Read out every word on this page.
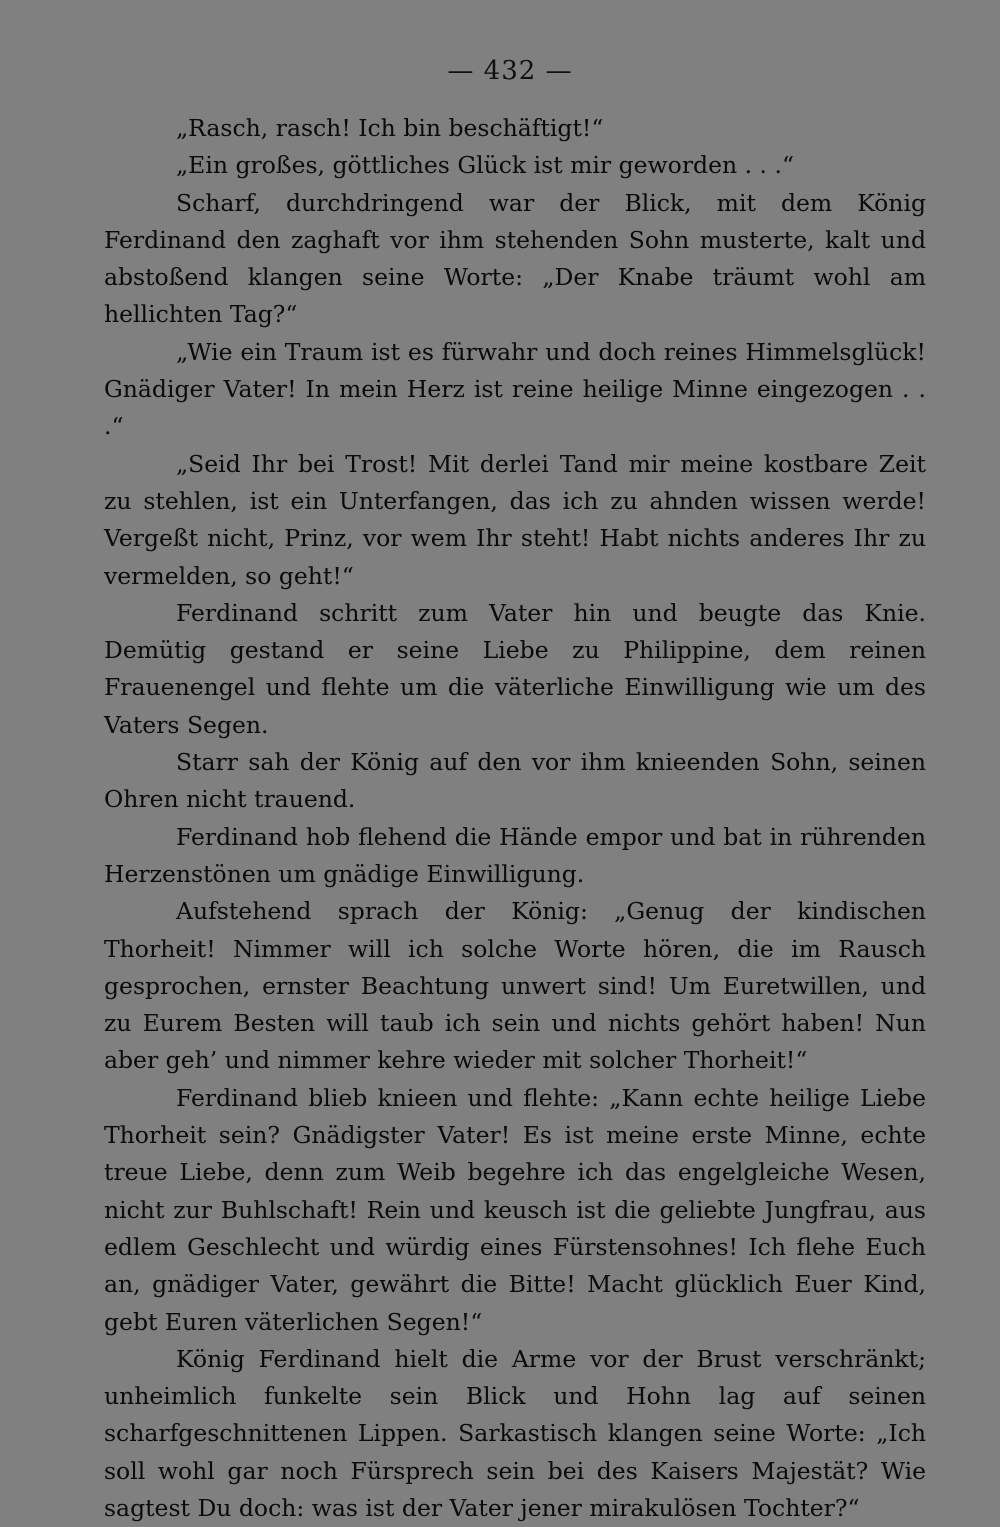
— 432 —

„Rasch, rasch! Ich bin beschäftigt!“

„Ein großes, göttliches Glück ist mir geworden . . .“

Scharf, durchdringend war der Blick, mit dem König Ferdinand den zaghaft vor ihm stehenden Sohn musterte, kalt und abstoßend klangen seine Worte: „Der Knabe träumt wohl am hellichten Tag?“

„Wie ein Traum ist es fürwahr und doch reines Himmelsglück! Gnädiger Vater! In mein Herz ist reine heilige Minne eingezogen . . .“

„Seid Ihr bei Trost! Mit derlei Tand mir meine kostbare Zeit zu stehlen, ist ein Unterfangen, das ich zu ahnden wissen werde! Vergeßt nicht, Prinz, vor wem Ihr steht! Habt nichts anderes Ihr zu vermelden, so geht!“

Ferdinand schritt zum Vater hin und beugte das Knie. Demütig gestand er seine Liebe zu Philippine, dem reinen Frauenengel und flehte um die väterliche Einwilligung wie um des Vaters Segen.

Starr sah der König auf den vor ihm knieenden Sohn, seinen Ohren nicht trauend.

Ferdinand hob flehend die Hände empor und bat in rührenden Herzenstönen um gnädige Einwilligung.

Aufstehend sprach der König: „Genug der kindischen Thorheit! Nimmer will ich solche Worte hören, die im Rausch gesprochen, ernster Beachtung unwert sind! Um Euretwillen, und zu Eurem Besten will taub ich sein und nichts gehört haben! Nun aber geh’ und nimmer kehre wieder mit solcher Thorheit!“

Ferdinand blieb knieen und flehte: „Kann echte heilige Liebe Thorheit sein? Gnädigster Vater! Es ist meine erste Minne, echte treue Liebe, denn zum Weib begehre ich das engelgleiche Wesen, nicht zur Buhlschaft! Rein und keusch ist die geliebte Jungfrau, aus edlem Geschlecht und würdig eines Fürstensohnes! Ich flehe Euch an, gnädiger Vater, gewährt die Bitte! Macht glücklich Euer Kind, gebt Euren väterlichen Segen!“

König Ferdinand hielt die Arme vor der Brust verschränkt; unheimlich funkelte sein Blick und Hohn lag auf seinen scharfgeschnittenen Lippen. Sarkastisch klangen seine Worte: „Ich soll wohl gar noch Fürsprech sein bei des Kaisers Majestät? Wie sagtest Du doch: was ist der Vater jener mirakulösen Tochter?“
